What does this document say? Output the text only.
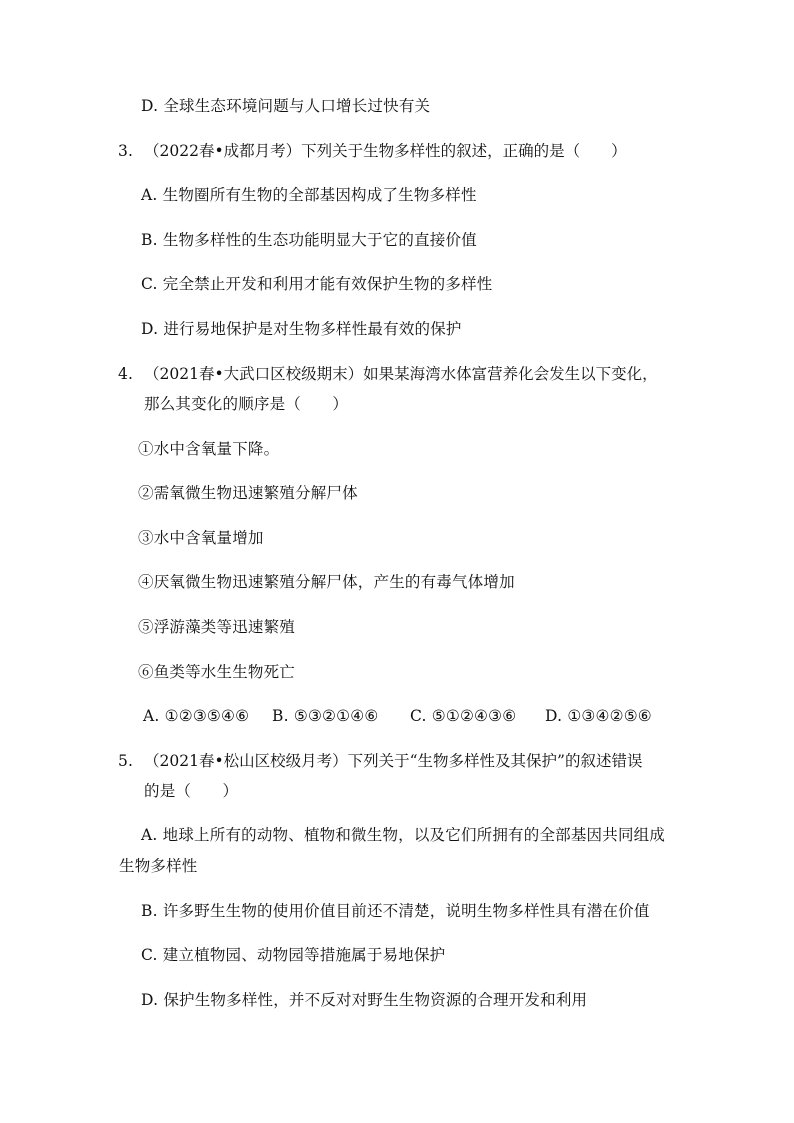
D. 全球生态环境问题与人口增长过快有关
3. （2022春•成都月考）下列关于生物多样性的叙述，正确的是（　　）
A. 生物圈所有生物的全部基因构成了生物多样性
B. 生物多样性的生态功能明显大于它的直接价值
C. 完全禁止开发和利用才能有效保护生物的多样性
D. 进行易地保护是对生物多样性最有效的保护
4. （2021春•大武口区校级期末）如果某海湾水体富营养化会发生以下变化，
那么其变化的顺序是（　　）
①水中含氧量下降。
②需氧微生物迅速繁殖分解尸体
③水中含氧量增加
④厌氧微生物迅速繁殖分解尸体，产生的有毒气体增加
⑤浮游藻类等迅速繁殖
⑥鱼类等水生生物死亡
A. ①②③⑤④⑥ B. ⑤③②①④⑥ C. ⑤①②④③⑥ D. ①③④②⑤⑥
5. （2021春•松山区校级月考）下列关于“生物多样性及其保护”的叙述错误
的是（　　）
A. 地球上所有的动物、植物和微生物，以及它们所拥有的全部基因共同组成
生物多样性
B. 许多野生生物的使用价值目前还不清楚，说明生物多样性具有潜在价值
C. 建立植物园、动物园等措施属于易地保护
D. 保护生物多样性，并不反对对野生生物资源的合理开发和利用
